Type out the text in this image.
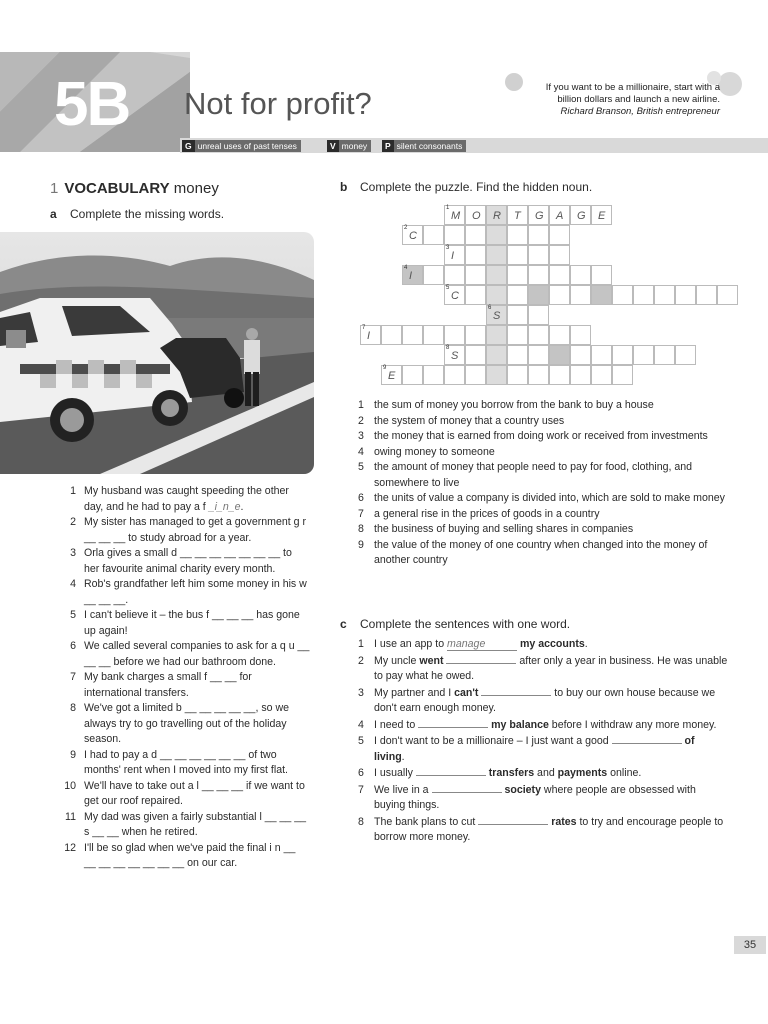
5B Not for profit?	If you want to be a millionaire, start with a
billion dollars and launch a new airline.
Richard Branson, British entrepreneur
G unreal uses of past tenses	V money	P silent consonants
1 VOCABULARY money
a Complete the missing words.
1 My husband was caught speeding the other day, and he had to pay a f _i_n_e.
2 My sister has managed to get a government g r __ __ __ to study abroad for a year.
3 Orla gives a small d __ __ __ __ __ __ __ to her favourite animal charity every month.
4 Rob's grandfather left him some money in his w __ __ __.
5 I can't believe it – the bus f __ __ __ has gone up again!
6 We called several companies to ask for a q u __ __ __ before we had our bathroom done.
7 My bank charges a small f __ __ for international transfers.
8 We've got a limited b __ __ __ __ __, so we always try to go travelling out of the holiday season.
9 I had to pay a d __ __ __ __ __ __ of two months' rent when I moved into my first flat.
10 We'll have to take out a l __ __ __ if we want to get our roof repaired.
11 My dad was given a fairly substantial l __ __ __ s __ __ when he retired.
12 I'll be so glad when we've paid the final i n __ __ __ __ __ __ __ __ on our car.
b Complete the puzzle. Find the hidden noun.
1
M O R T G A G E
2
C
3
I
4
I
5
C
6
S
7
I
8
S
9
E
1 the sum of money you borrow from the bank to buy a house
2 the system of money that a country uses
3 the money that is earned from doing work or received from investments
4 owing money to someone
5 the amount of money that people need to pay for food, clothing, and somewhere to live
6 the units of value a company is divided into, which are sold to make money
7 a general rise in the prices of goods in a country
8 the business of buying and selling shares in companies
9 the value of the money of one country when changed into the money of another country
c Complete the sentences with one word.
1 I use an app to manage	my accounts.
2 My uncle went	after only a year in business. He was unable to pay what he owed.
3 My partner and I can't	to buy our own house because we don't earn enough money.
4 I need to	my balance before I withdraw any more money.
5 I don't want to be a millionaire – I just want a good	of living.
6 I usually	transfers and payments online.
7 We live in a	society where people are obsessed with buying things.
8 The bank plans to cut	rates to try and encourage people to borrow more money.
35
